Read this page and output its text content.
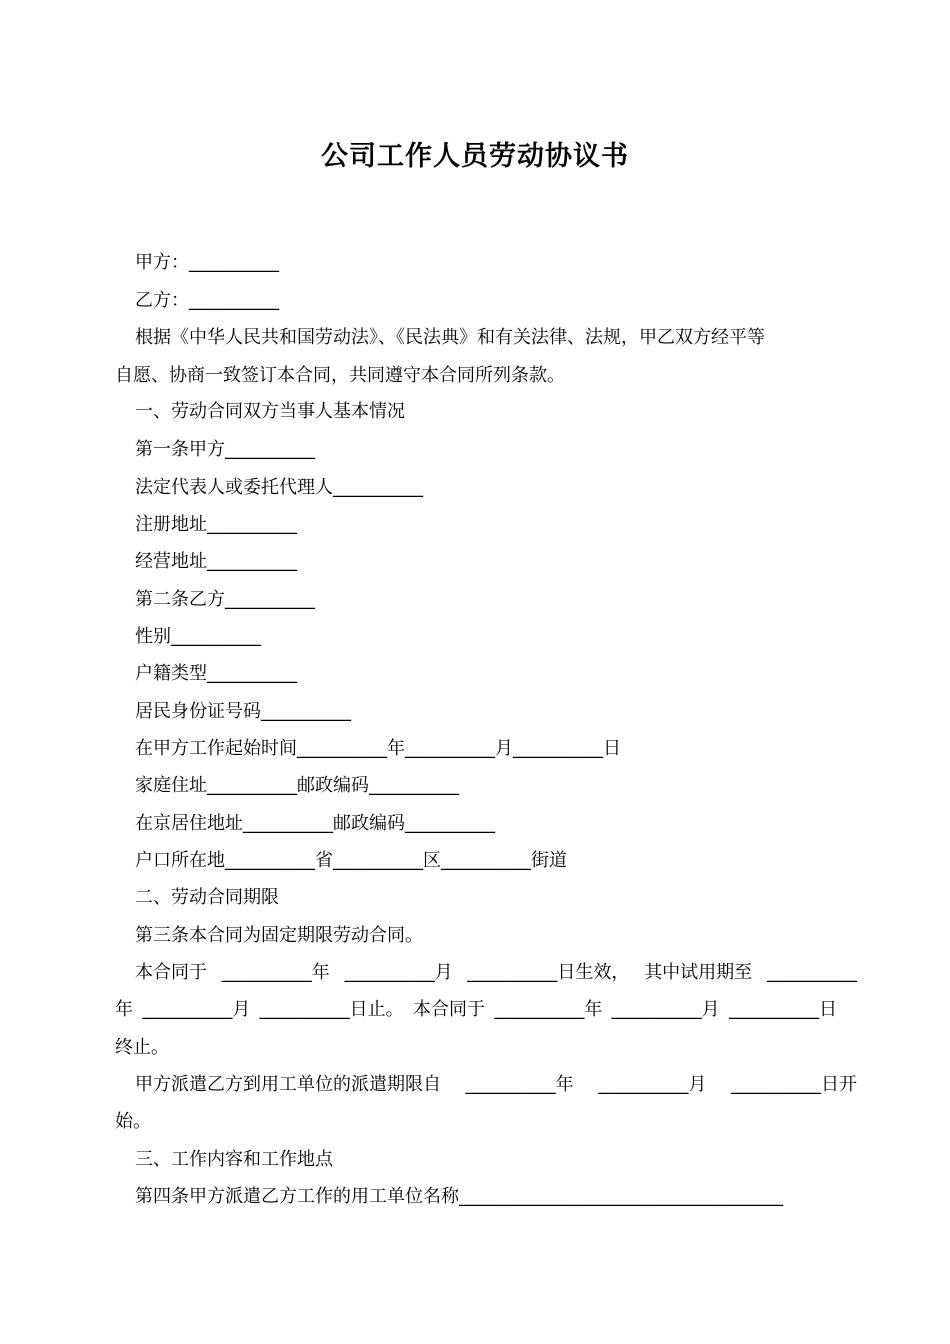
公司工作人员劳动协议书
甲方：__________
乙方：__________
根据《中华人民共和国劳动法》、《民法典》和有关法律、法规，甲乙双方经平等
自愿、协商一致签订本合同，共同遵守本合同所列条款。
一、劳动合同双方当事人基本情况
第一条甲方__________
法定代表人或委托代理人__________
注册地址__________
经营地址__________
第二条乙方__________
性别__________
户籍类型__________
居民身份证号码__________
在甲方工作起始时间__________年__________月__________日
家庭住址__________邮政编码__________
在京居住地址__________邮政编码__________
户口所在地__________省__________区__________街道
二、劳动合同期限
第三条本合同为固定期限劳动合同。
本合同于 __________年 __________月 __________日生效， 其中试用期至 __________
年 __________月 __________日止。 本合同于 __________年 __________月 __________日
终止。
甲方派遣乙方到用工单位的派遣期限自 __________年 __________月 __________日开
始。
三、工作内容和工作地点
第四条甲方派遣乙方工作的用工单位名称____________________________________
